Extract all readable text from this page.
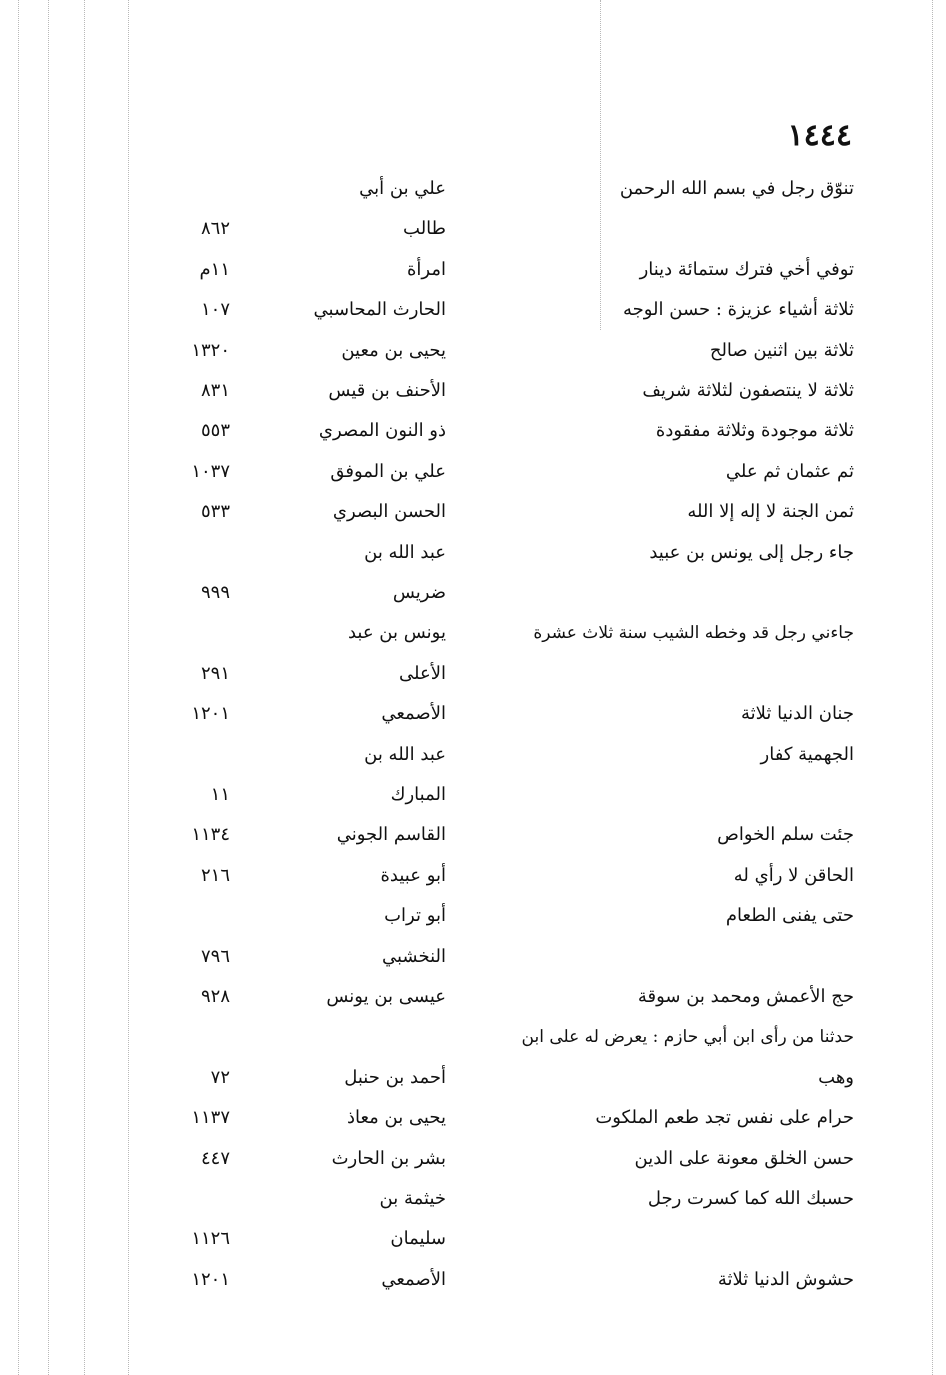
١٤٤٤
تنوّق رجل في بسم الله الرحمن
علي بن أبي
طالب
٨٦٢
توفي أخي فترك ستمائة دينار
امرأة
١١م
ثلاثة أشياء عزيزة : حسن الوجه
الحارث المحاسبي
١٠٧
ثلاثة بين اثنين صالح
يحيى بن معين
١٣٢٠
ثلاثة لا ينتصفون لثلاثة شريف
الأحنف بن قيس
٨٣١
ثلاثة موجودة وثلاثة مفقودة
ذو النون المصري
٥٥٣
ثم عثمان ثم علي
علي بن الموفق
١٠٣٧
ثمن الجنة لا إله إلا الله
الحسن البصري
٥٣٣
جاء رجل إلى يونس بن عبيد
عبد الله بن
ضريس
٩٩٩
جاءني رجل قد وخطه الشيب سنة ثلاث عشرة
يونس بن عبد
الأعلى
٢٩١
جنان الدنيا ثلاثة
الأصمعي
١٢٠١
الجهمية كفار
عبد الله بن
المبارك
١١
جئت سلم الخواص
القاسم الجوني
١١٣٤
الحاقن لا رأي له
أبو عبيدة
٢١٦
حتى يفنى الطعام
أبو تراب
النخشبي
٧٩٦
حج الأعمش ومحمد بن سوقة
عيسى بن يونس
٩٢٨
حدثنا من رأى ابن أبي حازم : يعرض له على ابن
وهب
أحمد بن حنبل
٧٢
حرام على نفس تجد طعم الملكوت
يحيى بن معاذ
١١٣٧
حسن الخلق معونة على الدين
بشر بن الحارث
٤٤٧
حسبك الله كما كسرت رجل
خيثمة بن
سليمان
١١٢٦
حشوش الدنيا ثلاثة
الأصمعي
١٢٠١
